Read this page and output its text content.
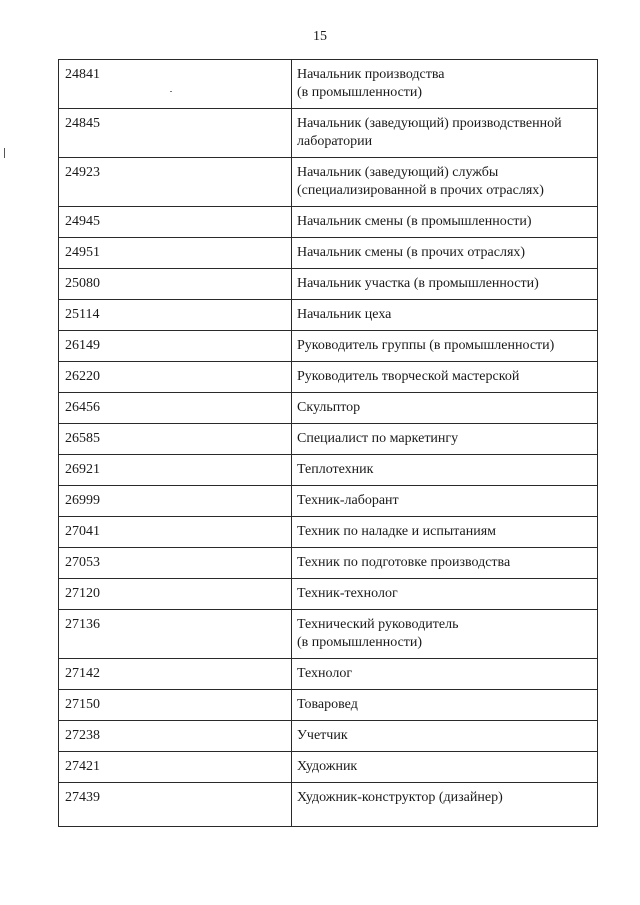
15
24841	Начальник производства
(в промышленности)
24845	Начальник (заведующий) производственной лаборатории
24923	Начальник (заведующий) службы
(специализированной в прочих отраслях)
24945	Начальник смены (в промышленности)
24951	Начальник смены (в прочих отраслях)
25080	Начальник участка (в промышленности)
25114	Начальник цеха
26149	Руководитель группы (в промышленности)
26220	Руководитель творческой мастерской
26456	Скульптор
26585	Специалист по маркетингу
26921	Теплотехник
26999	Техник-лаборант
27041	Техник по наладке и испытаниям
27053	Техник по подготовке производства
27120	Техник-технолог
27136	Технический руководитель
(в промышленности)
27142	Технолог
27150	Товаровед
27238	Учетчик
27421	Художник
27439	Художник-конструктор (дизайнер)
